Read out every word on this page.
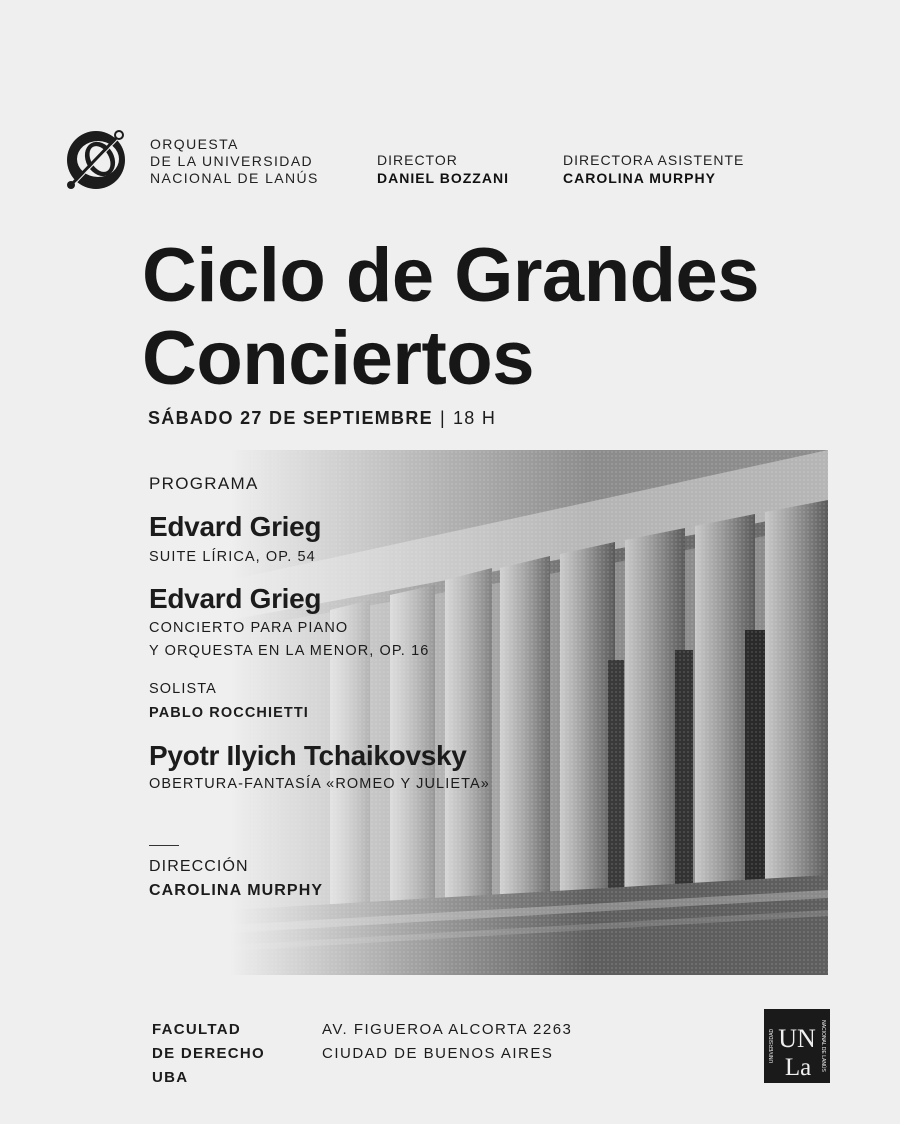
ORQUESTA
DE LA UNIVERSIDAD
NACIONAL DE LANÚS
DIRECTOR
DANIEL BOZZANI
DIRECTORA ASISTENTE
CAROLINA MURPHY
Ciclo de Grandes
Conciertos
SÁBADO 27 DE SEPTIEMBRE | 18 H
PROGRAMA
Edvard Grieg
SUITE LÍRICA, OP. 54
Edvard Grieg
CONCIERTO PARA PIANO
Y ORQUESTA EN LA MENOR, OP. 16
SOLISTA
PABLO ROCCHIETTI
Pyotr Ilyich Tchaikovsky
OBERTURA-FANTASÍA «ROMEO Y JULIETA»
DIRECCIÓN
CAROLINA MURPHY
FACULTAD
DE DERECHO
UBA
AV. FIGUEROA ALCORTA 2263
CIUDAD DE BUENOS AIRES	UNIVERSIDAD	NACIONAL DE LANÚS
UN
La
